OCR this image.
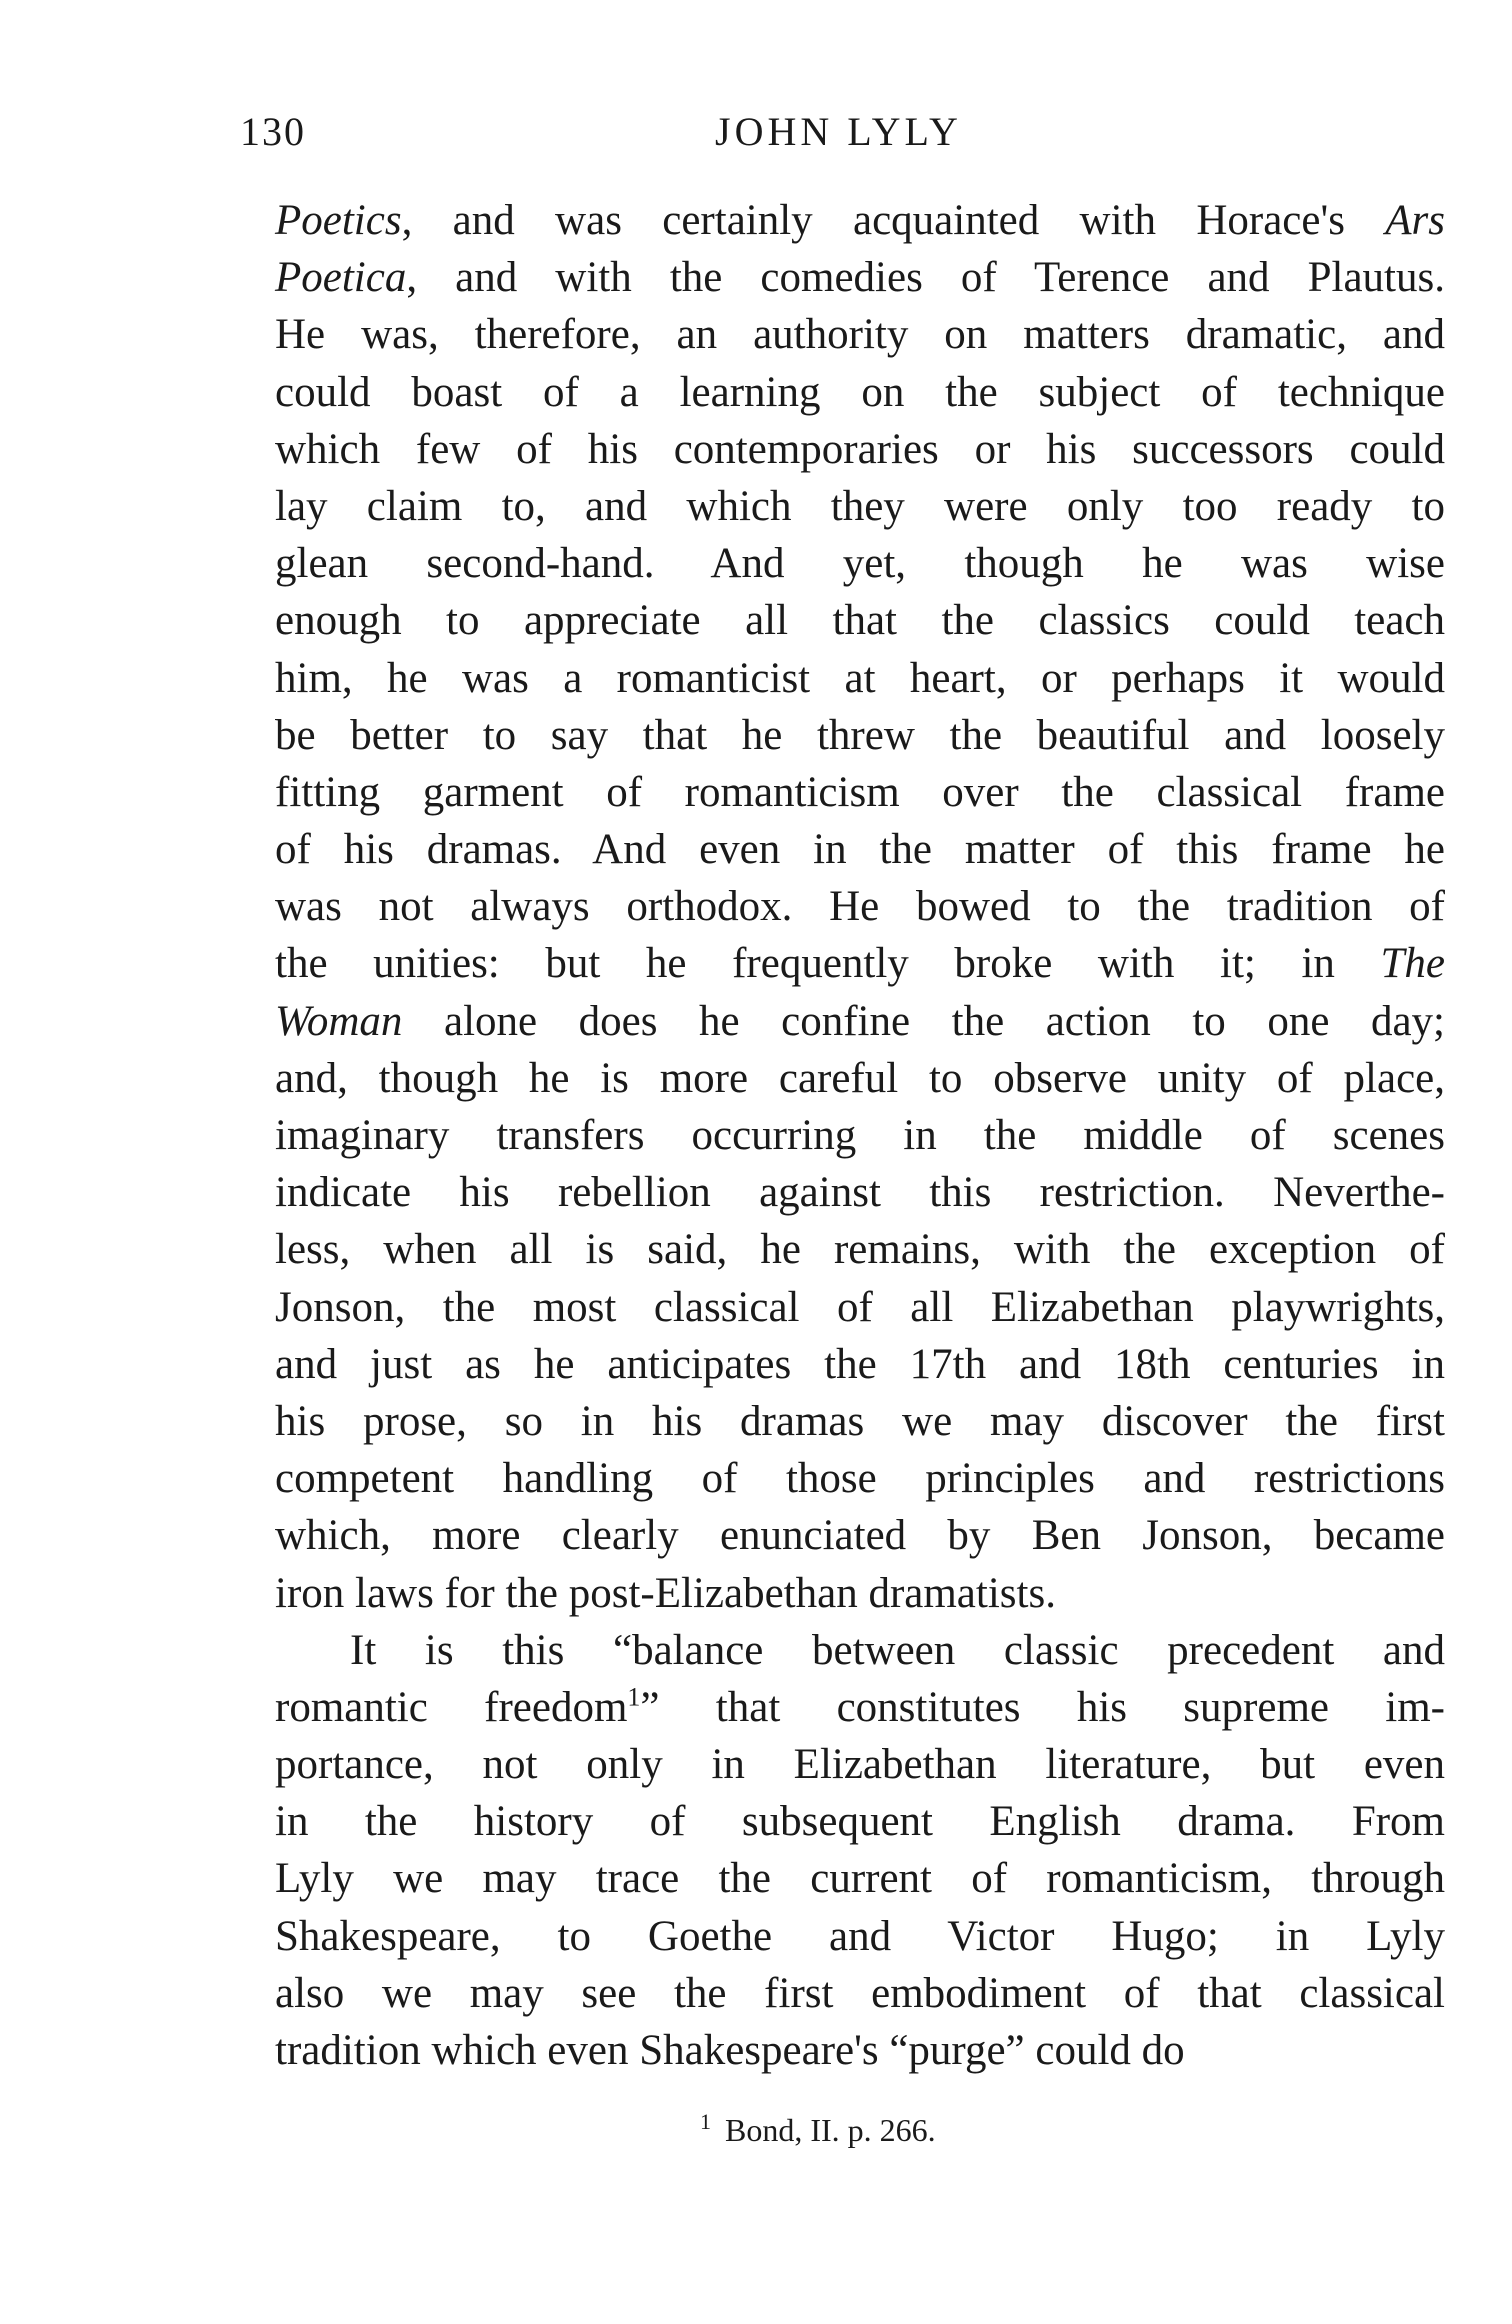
130	JOHN LYLY
Poetics, and was certainly acquainted with Horace's Ars
Poetica, and with the comedies of Terence and Plautus.
He was, therefore, an authority on matters dramatic, and
could boast of a learning on the subject of technique
which few of his contemporaries or his successors could
lay claim to, and which they were only too ready to
glean second-hand. And yet, though he was wise
enough to appreciate all that the classics could teach
him, he was a romanticist at heart, or perhaps it would
be better to say that he threw the beautiful and loosely
fitting garment of romanticism over the classical frame
of his dramas. And even in the matter of this frame he
was not always orthodox. He bowed to the tradition of
the unities: but he frequently broke with it; in The
Woman alone does he confine the action to one day;
and, though he is more careful to observe unity of place,
imaginary transfers occurring in the middle of scenes
indicate his rebellion against this restriction. Neverthe-
less, when all is said, he remains, with the exception of
Jonson, the most classical of all Elizabethan playwrights,
and just as he anticipates the 17th and 18th centuries in
his prose, so in his dramas we may discover the first
competent handling of those principles and restrictions
which, more clearly enunciated by Ben Jonson, became
iron laws for the post-Elizabethan dramatists.
It is this “balance between classic precedent and
romantic freedom$^1$” that constitutes his supreme im-
portance, not only in Elizabethan literature, but even
in the history of subsequent English drama. From
Lyly we may trace the current of romanticism, through
Shakespeare, to Goethe and Victor Hugo; in Lyly
also we may see the first embodiment of that classical
tradition which even Shakespeare's “purge” could do
$^1$ Bond, II. p. 266.
